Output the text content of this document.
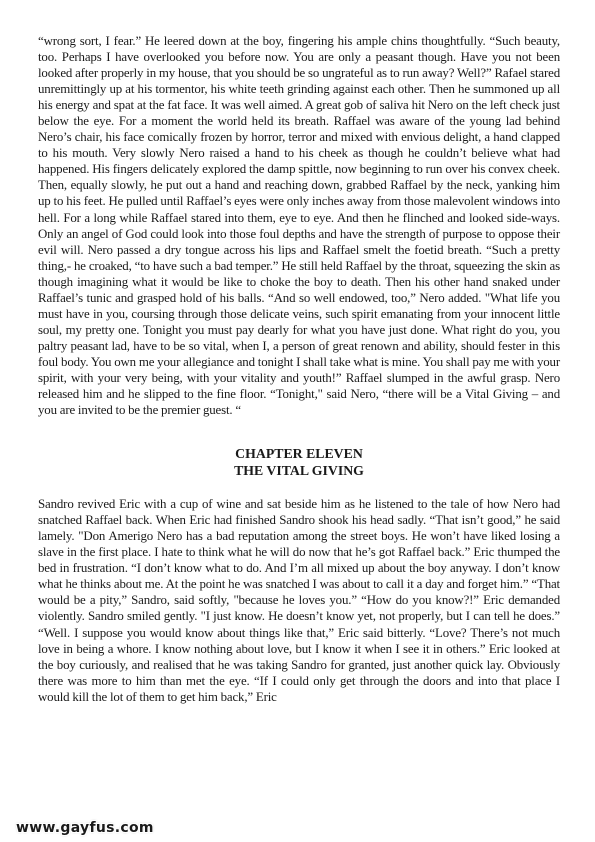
“wrong sort, I fear.” He leered down at the boy, fingering his ample chins thoughtfully. “Such beauty, too. Perhaps I have overlooked you before now. You are only a peasant though. Have you not been looked after properly in my house, that you should be so ungrateful as to run away? Well?” Rafael stared unremittingly up at his tormentor, his white teeth grinding against each other. Then he summoned up all his energy and spat at the fat face. It was well aimed. A great gob of saliva hit Nero on the left check just below the eye. For a moment the world held its breath. Raffael was aware of the young lad behind Nero’s chair, his face comically frozen by horror, terror and mixed with envious delight, a hand clapped to his mouth. Very slowly Nero raised a hand to his cheek as though he couldn’t believe what had happened. His fingers delicately explored the damp spittle, now beginning to run over his convex cheek. Then, equally slowly, he put out a hand and reaching down, grabbed Raffael by the neck, yanking him up to his feet. He pulled until Raffael’s eyes were only inches away from those malevolent windows into hell. For a long while Raffael stared into them, eye to eye. And then he flinched and looked side-ways. Only an angel of God could look into those foul depths and have the strength of purpose to oppose their evil will. Nero passed a dry tongue across his lips and Raffael smelt the foetid breath. “Such a pretty thing,- he croaked, “to have such a bad temper.” He still held Raffael by the throat, squeezing the skin as though imagining what it would be like to choke the boy to death. Then his other hand snaked under Raffael’s tunic and grasped hold of his balls. “And so well endowed, too,” Nero added. "What life you must have in you, coursing through those delicate veins, such spirit emanating from your innocent little soul, my pretty one. Tonight you must pay dearly for what you have just done. What right do you, you paltry peasant lad, have to be so vital, when I, a person of great renown and ability, should fester in this foul body. You own me your allegiance and tonight I shall take what is mine. You shall pay me with your spirit, with your very being, with your vitality and youth!” Raffael slumped in the awful grasp. Nero released him and he slipped to the fine floor. “Tonight," said Nero, “there will be a Vital Giving – and you are invited to be the premier guest. “

CHAPTER ELEVEN
THE VITAL GIVING

Sandro revived Eric with a cup of wine and sat beside him as he listened to the tale of how Nero had snatched Raffael back. When Eric had finished Sandro shook his head sadly. “That isn’t good,” he said lamely. "Don Amerigo Nero has a bad reputation among the street boys. He won’t have liked losing a slave in the first place. I hate to think what he will do now that he’s got Raffael back.” Eric thumped the bed in frustration. “I don’t know what to do. And I’m all mixed up about the boy anyway. I don’t know what he thinks about me. At the point he was snatched I was about to call it a day and forget him.” “That would be a pity,” Sandro, said softly, "because he loves you.” “How do you know?!” Eric demanded violently. Sandro smiled gently. "I just know. He doesn’t know yet, not properly, but I can tell he does.” “Well. I suppose you would know about things like that,” Eric said bitterly. “Love? There’s not much love in being a whore. I know nothing about love, but I know it when I see it in others.” Eric looked at the boy curiously, and realised that he was taking Sandro for granted, just another quick lay. Obviously there was more to him than met the eye. “If I could only get through the doors and into that place I would kill the lot of them to get him back,” Eric

www.gayfus.com
